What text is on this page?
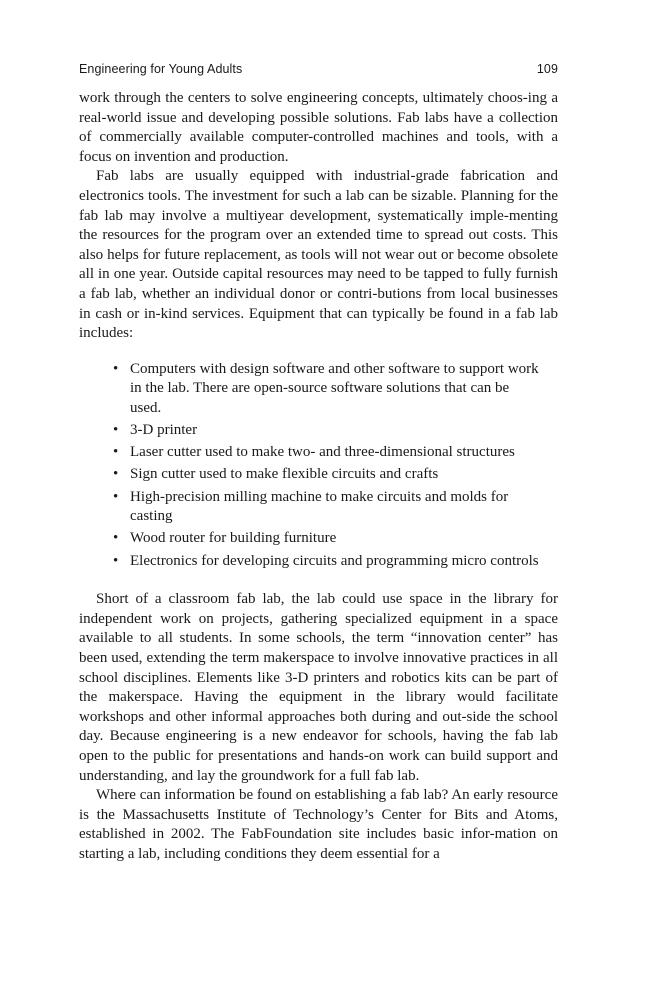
Engineering for Young Adults	109

work through the centers to solve engineering concepts, ultimately choos-ing a real-world issue and developing possible solutions. Fab labs have a collection of commercially available computer-controlled machines and tools, with a focus on invention and production.

Fab labs are usually equipped with industrial-grade fabrication and electronics tools. The investment for such a lab can be sizable. Planning for the fab lab may involve a multiyear development, systematically imple-menting the resources for the program over an extended time to spread out costs. This also helps for future replacement, as tools will not wear out or become obsolete all in one year. Outside capital resources may need to be tapped to fully furnish a fab lab, whether an individual donor or contri-butions from local businesses in cash or in-kind services. Equipment that can typically be found in a fab lab includes:

• Computers with design software and other software to support work in the lab. There are open-source software solutions that can be used.
• 3-D printer
• Laser cutter used to make two- and three-dimensional structures
• Sign cutter used to make flexible circuits and crafts
• High-precision milling machine to make circuits and molds for casting
• Wood router for building furniture
• Electronics for developing circuits and programming micro controls

Short of a classroom fab lab, the lab could use space in the library for independent work on projects, gathering specialized equipment in a space available to all students. In some schools, the term “innovation center” has been used, extending the term makerspace to involve innovative practices in all school disciplines. Elements like 3-D printers and robotics kits can be part of the makerspace. Having the equipment in the library would facilitate workshops and other informal approaches both during and out-side the school day. Because engineering is a new endeavor for schools, having the fab lab open to the public for presentations and hands-on work can build support and understanding, and lay the groundwork for a full fab lab.

Where can information be found on establishing a fab lab? An early resource is the Massachusetts Institute of Technology’s Center for Bits and Atoms, established in 2002. The FabFoundation site includes basic infor-mation on starting a lab, including conditions they deem essential for a
